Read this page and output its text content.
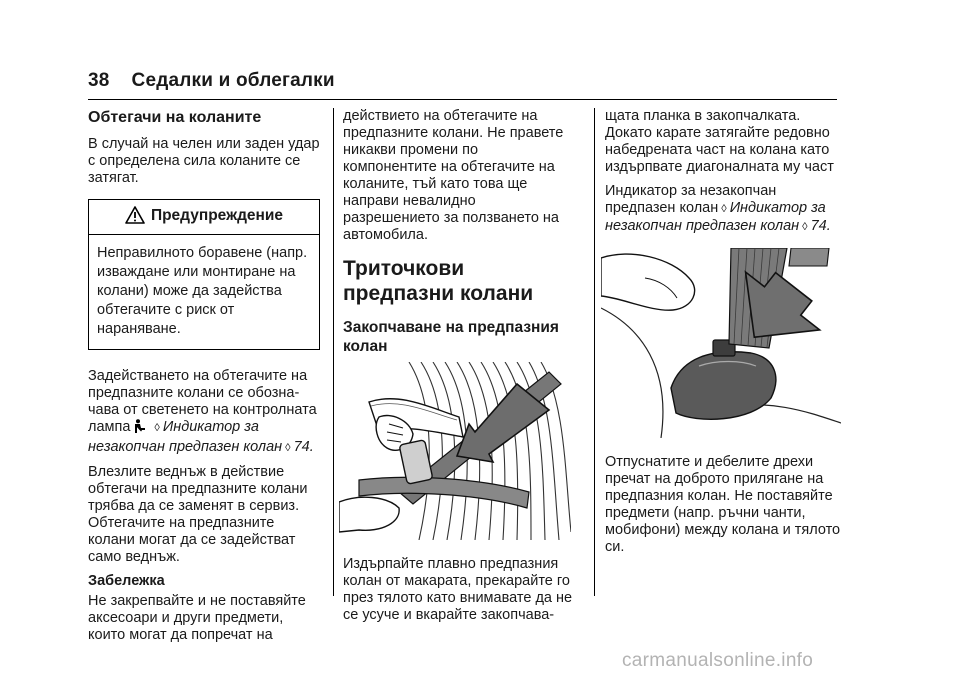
38 Седалки и облегалки
Обтегачи на коланите

В случай на челен или заден удар с определена сила коланите се затягат.

Предупреждение
Неправилното боравене (напр. изваждане или монтиране на колани) може да задейства обтегачите с риск от нараняване.

Задействането на обтегачите на предпазните колани се обозна-чава от светенето на контролната лампа ◊ Индикатор за незакопчан предпазен колан ◊ 74.

Влезлите веднъж в действие обтегачи на предпазните колани трябва да се заменят в сервиз. Обтегачите на предпазните колани могат да се задействат само веднъж.

Забележка

Не закрепвайте и не поставяйте аксесоари и други предмети, които могат да попречат на

действието на обтегачите на предпазните колани. Не правете никакви промени по компонентите на обтегачите на коланите, тъй като това ще направи невалидно разрешението за ползването на автомобила.

Триточкови предпазни колани
Закопчаване на предпазния колан

Издърпайте плавно предпазния колан от макарата, прекарайте го през тялото като внимавате да не се усуче и вкарайте закопчава-

щата планка в закопчалката. Докато карате затягайте редовно набедрената част на колана като издърпвате диагоналната му част

Индикатор за незакопчан предпазен колан ◊ Индикатор за незакопчан предпазен колан ◊ 74.

Отпуснатите и дебелите дрехи пречат на доброто прилягане на предпазния колан. Не поставяйте предмети (напр. ръчни чанти, мобифони) между колана и тялото си.

carmanualsonline.info
